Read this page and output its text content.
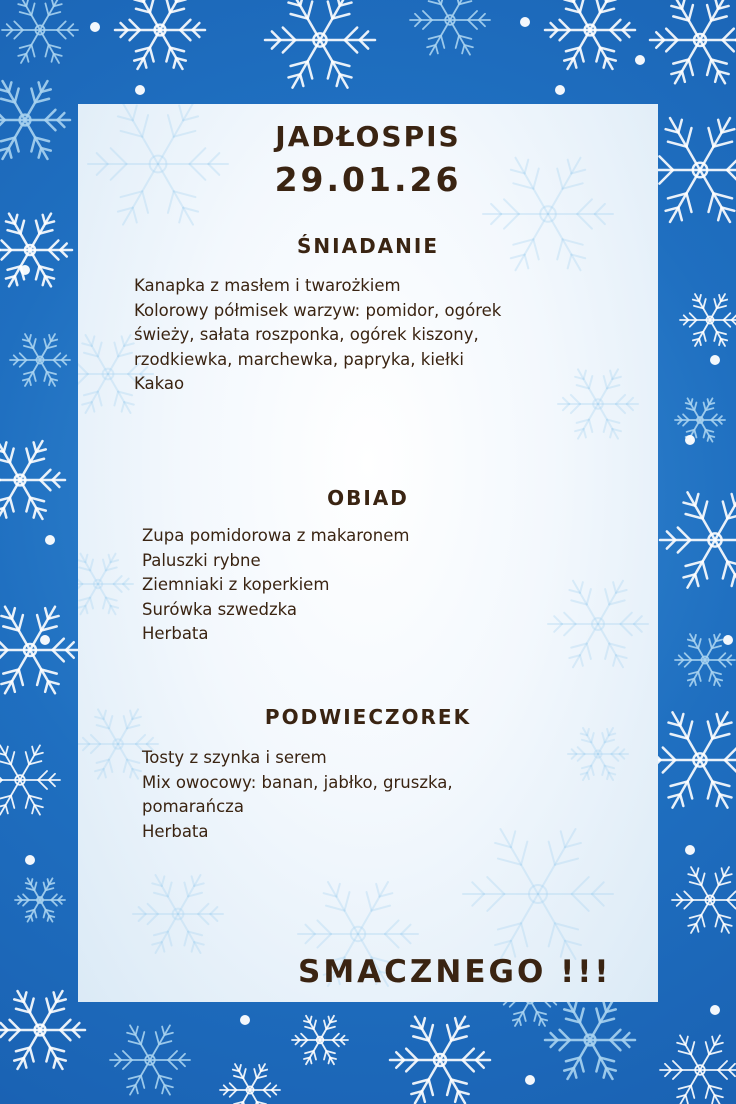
JADŁOSPIS
29.01.26
ŚNIADANIE
Kanapka z masłem i twarożkiem
Kolorowy półmisek warzyw: pomidor, ogórek
świeży, sałata roszponka, ogórek kiszony,
rzodkiewka, marchewka, papryka, kiełki
Kakao
OBIAD
Zupa pomidorowa z makaronem
Paluszki rybne
Ziemniaki z koperkiem
Surówka szwedzka
Herbata
PODWIECZOREK
Tosty z szynka i serem
Mix owocowy: banan, jabłko, gruszka,
pomarańcza
Herbata
SMACZNEGO !!!
